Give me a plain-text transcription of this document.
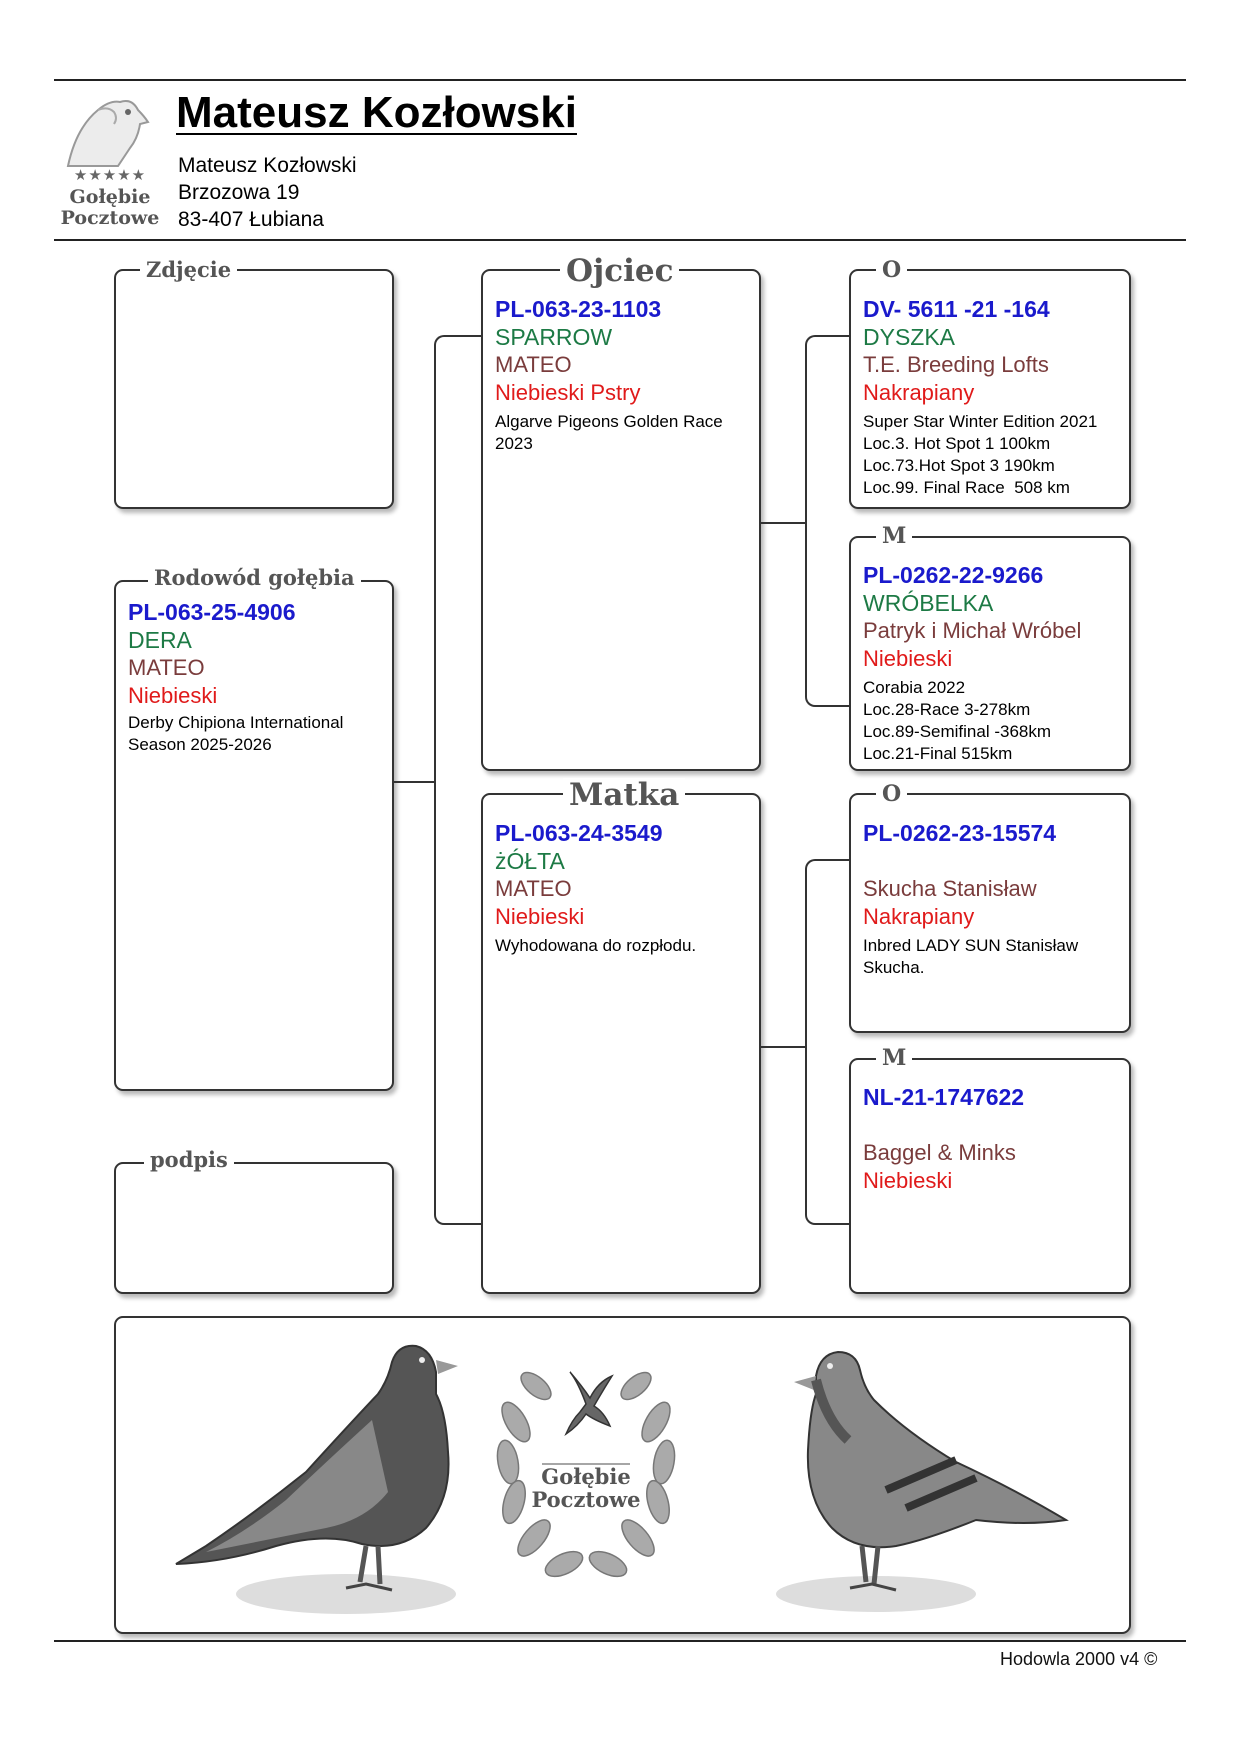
★★★★★
Gołębie
Pocztowe
Mateusz Kozłowski
Mateusz Kozłowski
Brzozowa 19
83-407 Łubiana
Zdjęcie
Rodowód gołębia
PL-063-25-4906
DERA
MATEO
Niebieski
Derby Chipiona International
Season 2025-2026
podpis
Ojciec
PL-063-23-1103
SPARROW
MATEO
Niebieski Pstry
Algarve Pigeons Golden Race
2023
Matka
PL-063-24-3549
żÓŁTA
MATEO
Niebieski
Wyhodowana do rozpłodu.
O
DV- 5611 -21 -164
DYSZKA
T.E. Breeding Lofts
Nakrapiany
Super Star Winter Edition 2021
Loc.3. Hot Spot 1 100km
Loc.73.Hot Spot 3 190km
Loc.99. Final Race  508 km
M
PL-0262-22-9266
WRÓBELKA
Patryk i Michał Wróbel
Niebieski
Corabia 2022
Loc.28-Race 3-278km
Loc.89-Semifinal -368km
Loc.21-Final 515km
O
PL-0262-23-15574
Skucha Stanisław
Nakrapiany
Inbred LADY SUN Stanisław
Skucha.
M
NL-21-1747622
Baggel & Minks
Niebieski
Gołębie
Pocztowe
Hodowla 2000 v4 ©
